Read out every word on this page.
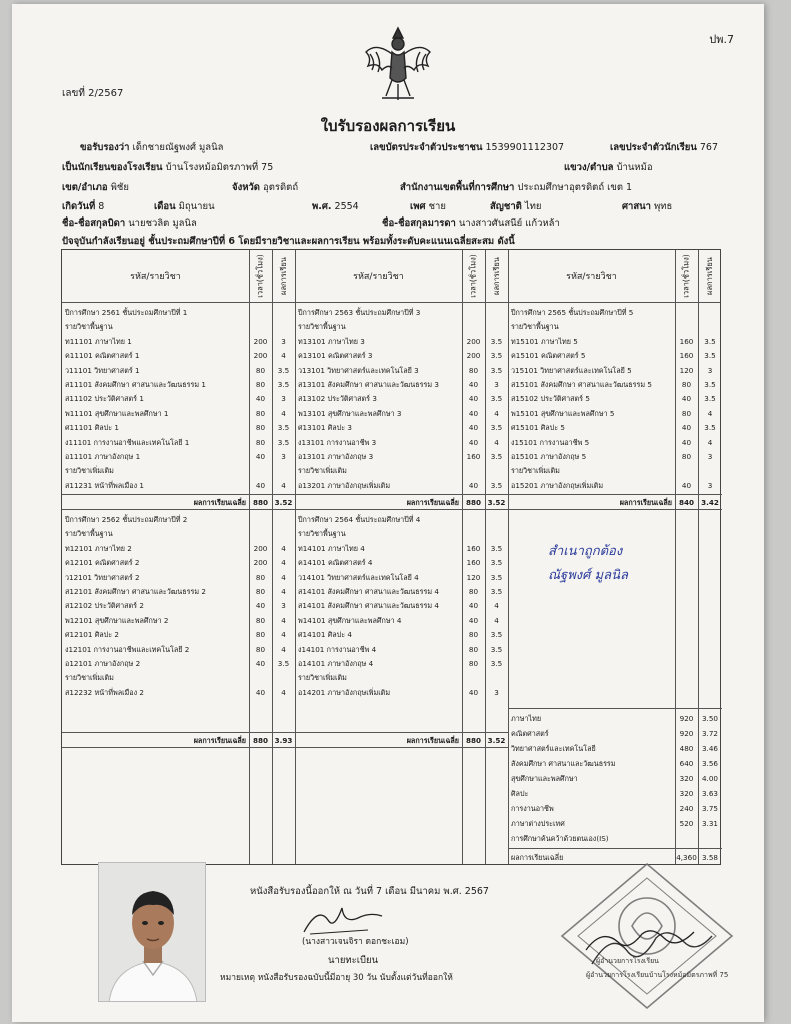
ปพ.7
เลขที่ 2/2567
ใบรับรองผลการเรียน
ขอรับรองว่า เด็กชายณัฐพงศ์ มูลนิล	เลขบัตรประจำตัวประชาชน 1539901112307	เลขประจำตัวนักเรียน 767
เป็นนักเรียนของโรงเรียน บ้านโรงหม้อมิตรภาพที่ 75	แขวง/ตำบล บ้านหม้อ
เขต/อำเภอ พิชัย	จังหวัด อุตรดิตถ์	สำนักงานเขตพื้นที่การศึกษา ประถมศึกษาอุตรดิตถ์ เขต 1
เกิดวันที่ 8	เดือน มิถุนายน	พ.ศ. 2554	เพศ ชาย	สัญชาติ ไทย	ศาสนา พุทธ
ชื่อ-ชื่อสกุลบิดา นายชวลิต มูลนิล	ชื่อ-ชื่อสกุลมารดา นางสาวศันสนีย์ แก้วหล้า
ปัจจุบันกำลังเรียนอยู่ ชั้นประถมศึกษาปีที่ 6 โดยมีรายวิชาและผลการเรียน พร้อมทั้งระดับคะแนนเฉลี่ยสะสม ดังนี้
รหัส/รายวิชา	เวลา(ชั่วโมง) ผลการเรียน	รหัส/รายวิชา	เวลา(ชั่วโมง) ผลการเรียน	รหัส/รายวิชา	เวลา(ชั่วโมง) ผลการเรียน
ปีการศึกษา 2561 ชั้นประถมศึกษาปีที่ 1
รายวิชาพื้นฐาน
ท11101 ภาษาไทย 1	200	3
ค11101 คณิตศาสตร์ 1	200	4
ว11101 วิทยาศาสตร์ 1	80	3.5
ส11101 สังคมศึกษา ศาสนาและวัฒนธรรม 1	80	3.5
ส11102 ประวัติศาสตร์ 1	40	3
พ11101 สุขศึกษาและพลศึกษา 1	80	4
ศ11101 ศิลปะ 1	80	3.5
ง11101 การงานอาชีพและเทคโนโลยี 1	80	3.5
อ11101 ภาษาอังกฤษ 1	40	3
รายวิชาเพิ่มเติม
ส11231 หน้าที่พลเมือง 1	40	4
ผลการเรียนเฉลี่ย 880 3.52
ปีการศึกษา 2562 ชั้นประถมศึกษาปีที่ 2
รายวิชาพื้นฐาน
ท12101 ภาษาไทย 2	200	4
ค12101 คณิตศาสตร์ 2	200	4
ว12101 วิทยาศาสตร์ 2	80	4
ส12101 สังคมศึกษา ศาสนาและวัฒนธรรม 2	80	4
ส12102 ประวัติศาสตร์ 2	40	3
พ12101 สุขศึกษาและพลศึกษา 2	80	4
ศ12101 ศิลปะ 2	80	4
ง12101 การงานอาชีพและเทคโนโลยี 2	80	4
อ12101 ภาษาอังกฤษ 2	40	3.5
รายวิชาเพิ่มเติม
ส12232 หน้าที่พลเมือง 2	40	4
ผลการเรียนเฉลี่ย 880 3.93
ปีการศึกษา 2563 ชั้นประถมศึกษาปีที่ 3
รายวิชาพื้นฐาน
ท13101 ภาษาไทย 3	200	3.5
ค13101 คณิตศาสตร์ 3	200	3.5
ว13101 วิทยาศาสตร์และเทคโนโลยี 3	80	3.5
ส13101 สังคมศึกษา ศาสนาและวัฒนธรรม 3	40	3
ส13102 ประวัติศาสตร์ 3	40	3.5
พ13101 สุขศึกษาและพลศึกษา 3	40	4
ศ13101 ศิลปะ 3	40	3.5
ง13101 การงานอาชีพ 3	40	4
อ13101 ภาษาอังกฤษ 3	160	3.5
รายวิชาเพิ่มเติม
อ13201 ภาษาอังกฤษเพิ่มเติม	40	3.5
ผลการเรียนเฉลี่ย 880 3.52
ปีการศึกษา 2564 ชั้นประถมศึกษาปีที่ 4
รายวิชาพื้นฐาน
ท14101 ภาษาไทย 4	160	3.5
ค14101 คณิตศาสตร์ 4	160	3.5
ว14101 วิทยาศาสตร์และเทคโนโลยี 4	120	3.5
ส14101 สังคมศึกษา ศาสนาและวัฒนธรรม 4	80	3.5
ส14101 สังคมศึกษา ศาสนาและวัฒนธรรม 4	40	4
พ14101 สุขศึกษาและพลศึกษา 4	40	4
ศ14101 ศิลปะ 4	80	3.5
ง14101 การงานอาชีพ 4	80	3.5
อ14101 ภาษาอังกฤษ 4	80	3.5
รายวิชาเพิ่มเติม
อ14201 ภาษาอังกฤษเพิ่มเติม	40	3
ผลการเรียนเฉลี่ย 880 3.52
ปีการศึกษา 2565 ชั้นประถมศึกษาปีที่ 5
รายวิชาพื้นฐาน
ท15101 ภาษาไทย 5	160	3.5
ค15101 คณิตศาสตร์ 5	160	3.5
ว15101 วิทยาศาสตร์และเทคโนโลยี 5	120	3
ส15101 สังคมศึกษา ศาสนาและวัฒนธรรม 5	80	3.5
ส15102 ประวัติศาสตร์ 5	40	3.5
พ15101 สุขศึกษาและพลศึกษา 5	80	4
ศ15101 ศิลปะ 5	40	3.5
ง15101 การงานอาชีพ 5	40	4
อ15101 ภาษาอังกฤษ 5	80	3
รายวิชาเพิ่มเติม
อ15201 ภาษาอังกฤษเพิ่มเติม	40	3
ผลการเรียนเฉลี่ย 840 3.42
สำเนาถูกต้อง
ณัฐพงศ์ มูลนิล
ภาษาไทย	920	3.50
คณิตศาสตร์	920	3.72
วิทยาศาสตร์และเทคโนโลยี	480	3.46
สังคมศึกษา ศาสนาและวัฒนธรรม	640	3.56
สุขศึกษาและพลศึกษา	320	4.00
ศิลปะ	320	3.63
การงานอาชีพ	240	3.75
ภาษาต่างประเทศ	520	3.31
การศึกษาค้นคว้าด้วยตนเอง(IS)
ผลการเรียนเฉลี่ย	4,360 3.58
หนังสือรับรองนี้ออกให้ ณ วันที่ 7 เดือน มีนาคม พ.ศ. 2567
(นางสาวเจนจิรา ดอกชะเอม)
นายทะเบียน
หมายเหตุ หนังสือรับรองฉบับนี้มีอายุ 30 วัน นับตั้งแต่วันที่ออกให้
ผู้อำนวยการโรงเรียน
ผู้อำนวยการโรงเรียนบ้านโรงหม้อมิตรภาพที่ 75
